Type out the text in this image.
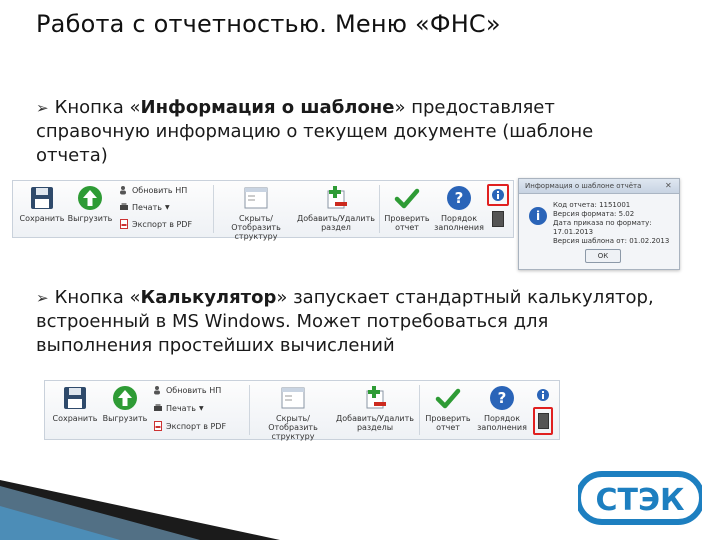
Работа с отчетностью. Меню «ФНС»
➢ Кнопка «Информация о шаблоне» предоставляет
справочную информацию о текущем документе (шаблоне
отчета)
Сохранить Выгрузить
Обновить НП
Печать ▼
Экспорт в PDF
Скрыть/Отобразить
структуру
Добавить/Удалить
раздел
Проверить
отчет
?
Порядок
заполнения
Информация о шаблоне отчёта	✕
i
Код отчета: 1151001
Версия формата: 5.02
Дата приказа по формату: 17.01.2013
Версия шаблона от: 01.02.2013
ОК
➢ Кнопка «Калькулятор» запускает стандартный калькулятор,
встроенный в MS Windows. Может потребоваться для
выполнения простейших вычислений
Сохранить Выгрузить
Обновить НП
Печать ▼
Экспорт в PDF
Скрыть/Отобразить
структуру
Добавить/Удалить
разделы
Проверить
отчет
?
Порядок
заполнения
СТЭК
